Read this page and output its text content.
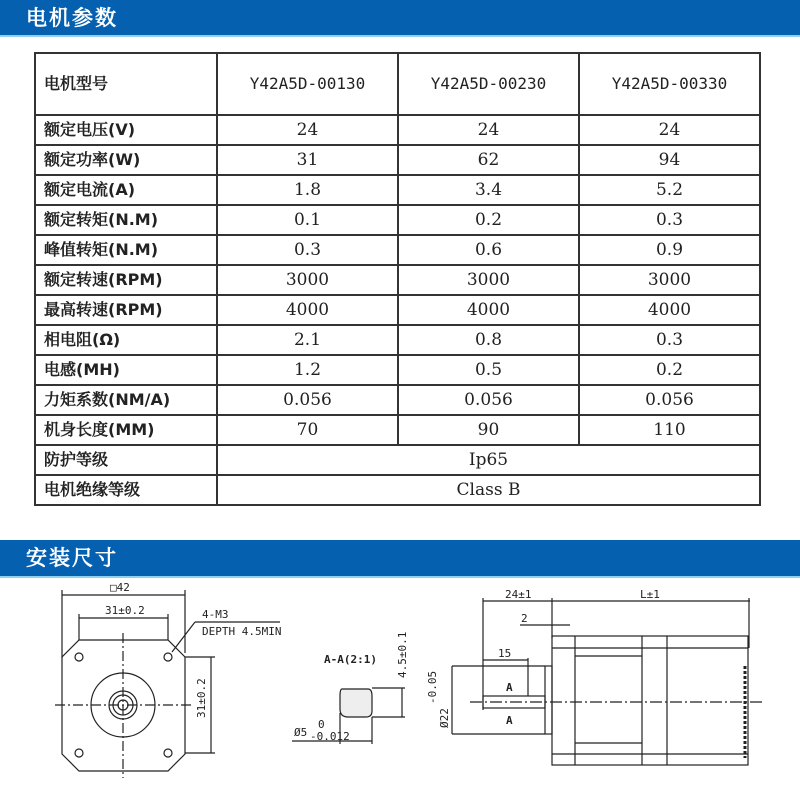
电机参数
电机型号	Y42A5D-00130	Y42A5D-00230	Y42A5D-00330
额定电压(V)	24	24	24
额定功率(W)	31	62	94
额定电流(A)	1.8	3.4	5.2
额定转矩(N.M)	0.1	0.2	0.3
峰值转矩(N.M)	0.3	0.6	0.9
额定转速(RPM)	3000	3000	3000
最高转速(RPM)	4000	4000	4000
相电阻(Ω)	2.1	0.8	0.3
电感(MH)	1.2	0.5	0.2
力矩系数(NM/A)	0.056	0.056	0.056
机身长度(MM)	70	90	110
防护等级	Ip65		
电机绝缘等级	Class B		
安装尺寸
□42
31±0.2
31±0.2
4-M3
DEPTH 4.5MIN
A-A(2:1) 4.5±0.1
Ø5
0
-0.012
24±1	L±1
2
15
Ø22
-0.05	A
A
